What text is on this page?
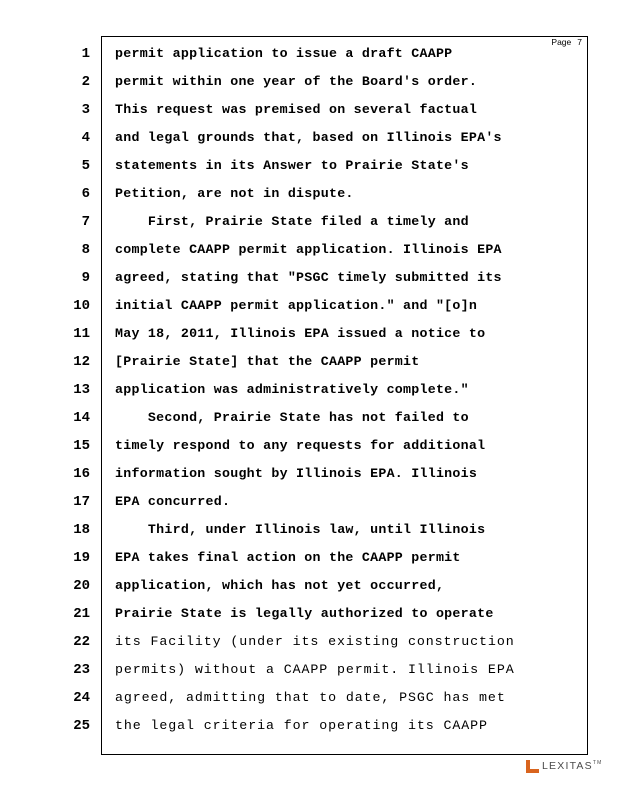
Page 7
1
2
3
4
5
6
7
8
9
10
11
12
13
14
15
16
17
18
19
20
21
22
23
24
25
permit application to issue a draft CAAPP
permit within one year of the Board's order.
This request was premised on several factual
and legal grounds that, based on Illinois EPA's
statements in its Answer to Prairie State's
Petition, are not in dispute.
First, Prairie State filed a timely and
complete CAAPP permit application. Illinois EPA
agreed, stating that "PSGC timely submitted its
initial CAAPP permit application." and "[o]n
May 18, 2011, Illinois EPA issued a notice to
[Prairie State] that the CAAPP permit
application was administratively complete."
Second, Prairie State has not failed to
timely respond to any requests for additional
information sought by Illinois EPA. Illinois
EPA concurred.
Third, under Illinois law, until Illinois
EPA takes final action on the CAAPP permit
application, which has not yet occurred,
Prairie State is legally authorized to operate
its Facility (under its existing construction
permits) without a CAAPP permit. Illinois EPA
agreed, admitting that to date, PSGC has met
the legal criteria for operating its CAAPP
LEXITAS™
